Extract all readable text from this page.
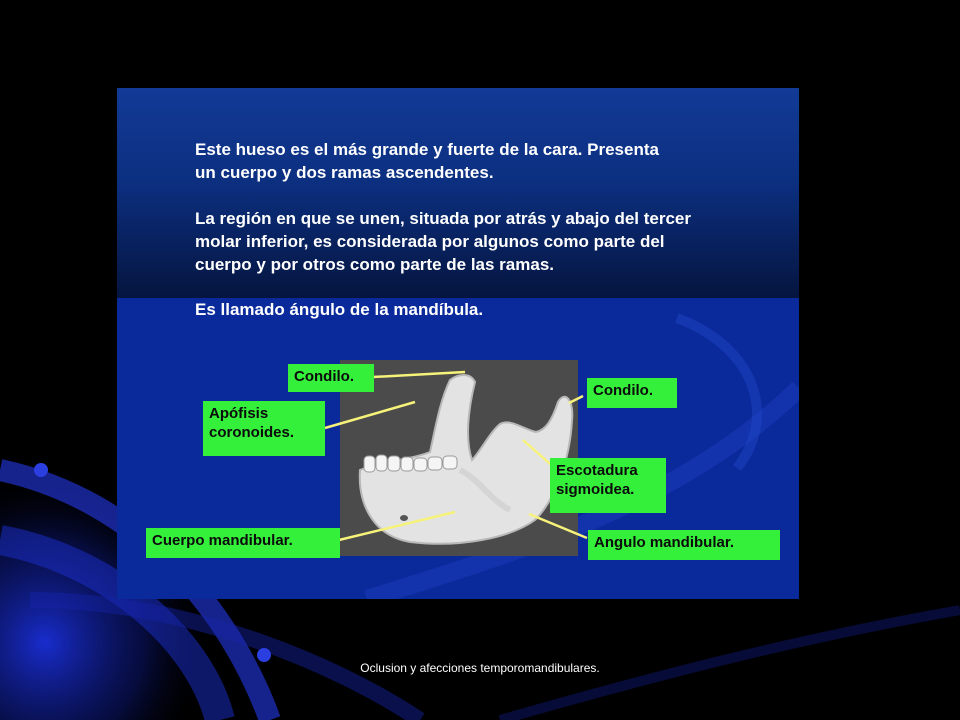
Este hueso es el más grande y fuerte de la cara. Presenta
un cuerpo y dos ramas ascendentes.

La región en que se unen, situada por atrás y abajo del tercer
molar inferior, es considerada por algunos como parte del
cuerpo y por otros como parte de las ramas.

Es llamado ángulo de la mandíbula.

Condilo.
Apófisis
coronoides.
Condilo.
Escotadura
sigmoidea.
Cuerpo mandibular.	Angulo mandibular.
Oclusion y afecciones temporomandibulares.
